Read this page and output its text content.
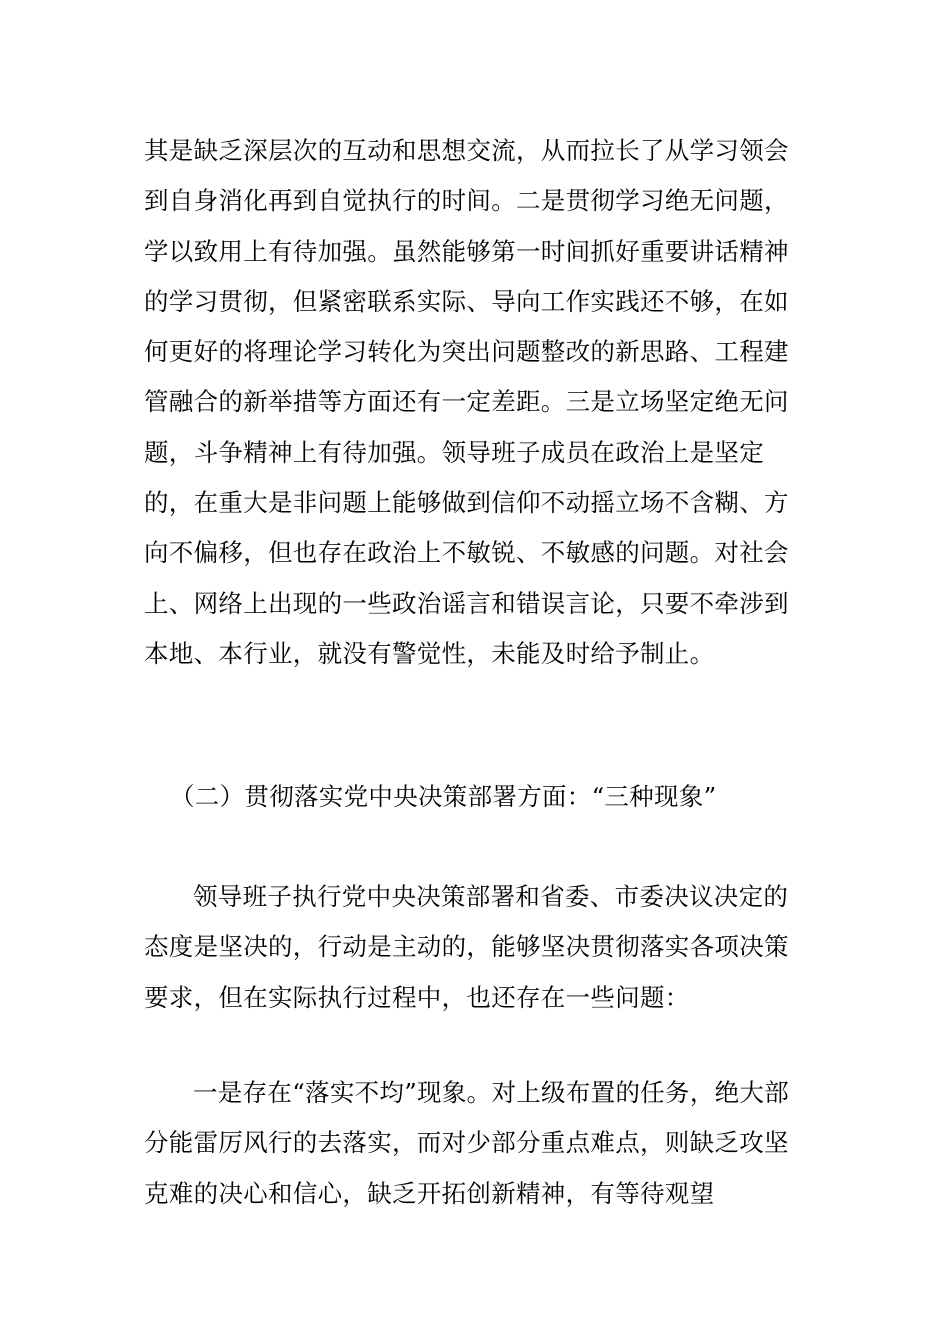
其是缺乏深层次的互动和思想交流，从而拉长了从学习领会到自身消化再到自觉执行的时间。二是贯彻学习绝无问题，学以致用上有待加强。虽然能够第一时间抓好重要讲话精神的学习贯彻，但紧密联系实际、导向工作实践还不够，在如何更好的将理论学习转化为突出问题整改的新思路、工程建管融合的新举措等方面还有一定差距。三是立场坚定绝无问题，斗争精神上有待加强。领导班子成员在政治上是坚定的，在重大是非问题上能够做到信仰不动摇立场不含糊、方向不偏移，但也存在政治上不敏锐、不敏感的问题。对社会上、网络上出现的一些政治谣言和错误言论，只要不牵涉到本地、本行业，就没有警觉性，未能及时给予制止。

（二）贯彻落实党中央决策部署方面：“三种现象”

领导班子执行党中央决策部署和省委、市委决议决定的态度是坚决的，行动是主动的，能够坚决贯彻落实各项决策要求，但在实际执行过程中，也还存在一些问题：

一是存在“落实不均”现象。对上级布置的任务，绝大部分能雷厉风行的去落实，而对少部分重点难点，则缺乏攻坚克难的决心和信心，缺乏开拓创新精神，有等待观望
